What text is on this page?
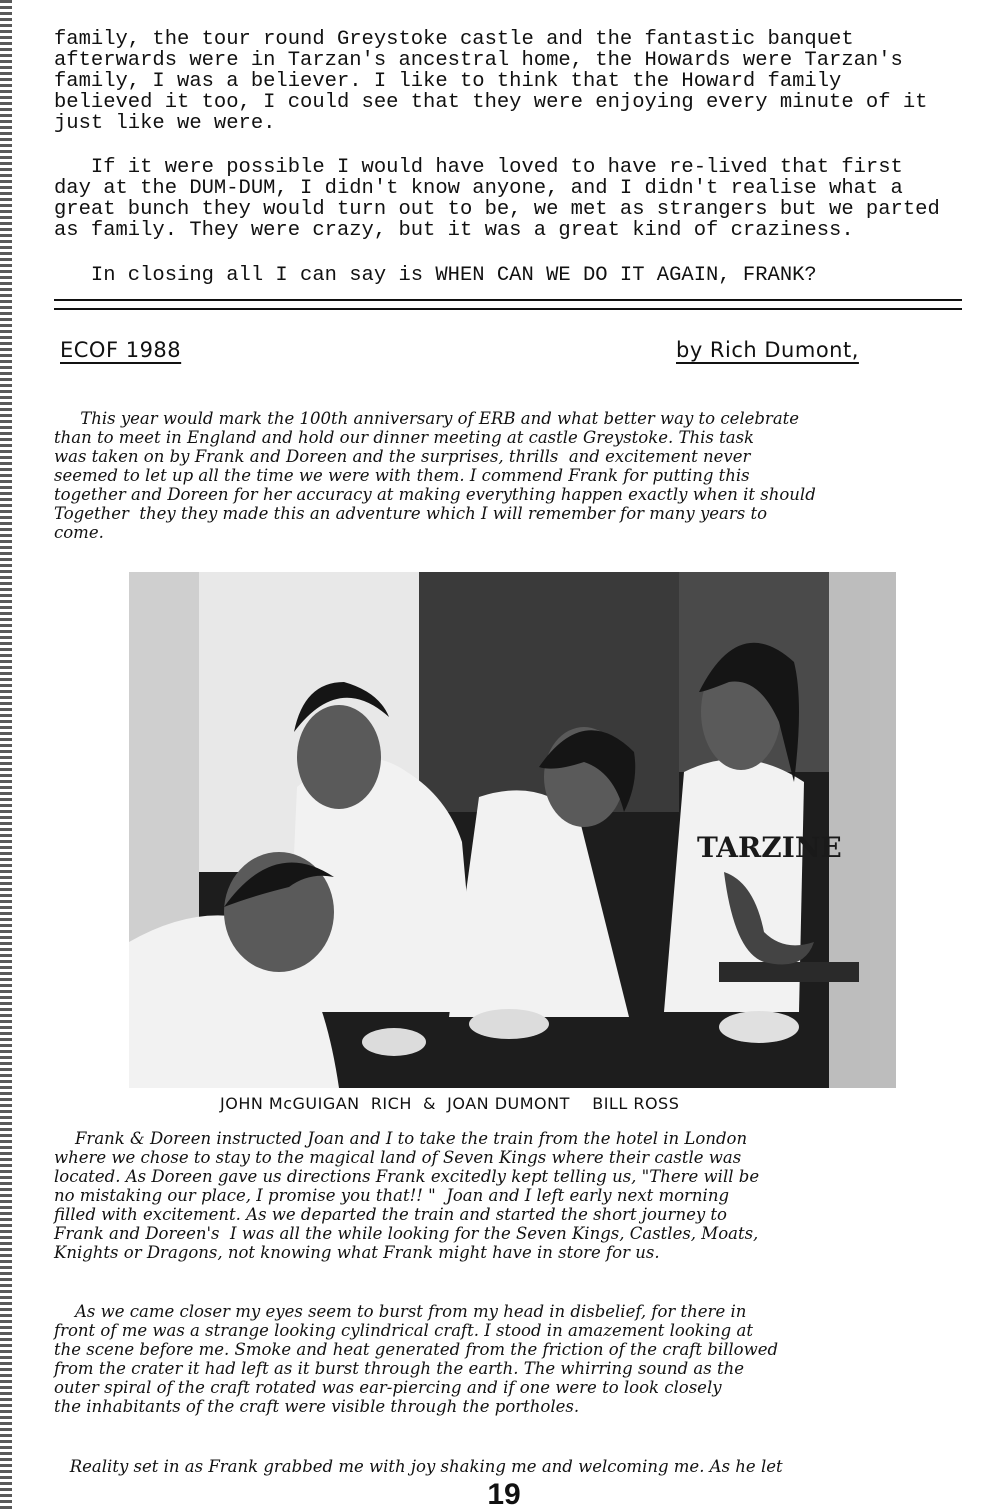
family, the tour round Greystoke castle and the fantastic banquet
afterwards were in Tarzan's ancestral home, the Howards were Tarzan's
family, I was a believer. I like to think that the Howard family
believed it too, I could see that they were enjoying every minute of it
just like we were.
If it were possible I would have loved to have re-lived that first
day at the DUM-DUM, I didn't know anyone, and I didn't realise what a
great bunch they would turn out to be, we met as strangers but we parted
as family. They were crazy, but it was a great kind of craziness.
In closing all I can say is WHEN CAN WE DO IT AGAIN, FRANK?
ECOF 1988	by Rich Dumont,
This year would mark the 100th anniversary of ERB and what better way to celebrate
than to meet in England and hold our dinner meeting at castle Greystoke. This task
was taken on by Frank and Doreen and the surprises, thrills  and excitement never
seemed to let up all the time we were with them. I commend Frank for putting this
together and Doreen for her accuracy at making everything happen exactly when it should
Together  they they made this an adventure which I will remember for many years to
come.
TARZINE
JOHN McGUIGAN  RICH  &  JOAN DUMONT    BILL ROSS
Frank & Doreen instructed Joan and I to take the train from the hotel in London
where we chose to stay to the magical land of Seven Kings where their castle was
located. As Doreen gave us directions Frank excitedly kept telling us, "There will be
no mistaking our place, I promise you that!! "  Joan and I left early next morning
filled with excitement. As we departed the train and started the short journey to
Frank and Doreen's  I was all the while looking for the Seven Kings, Castles, Moats,
Knights or Dragons, not knowing what Frank might have in store for us.
As we came closer my eyes seem to burst from my head in disbelief, for there in
front of me was a strange looking cylindrical craft. I stood in amazement looking at
the scene before me. Smoke and heat generated from the friction of the craft billowed
from the crater it had left as it burst through the earth. The whirring sound as the
outer spiral of the craft rotated was ear-piercing and if one were to look closely
the inhabitants of the craft were visible through the portholes.
Reality set in as Frank grabbed me with joy shaking me and welcoming me. As he let
19
